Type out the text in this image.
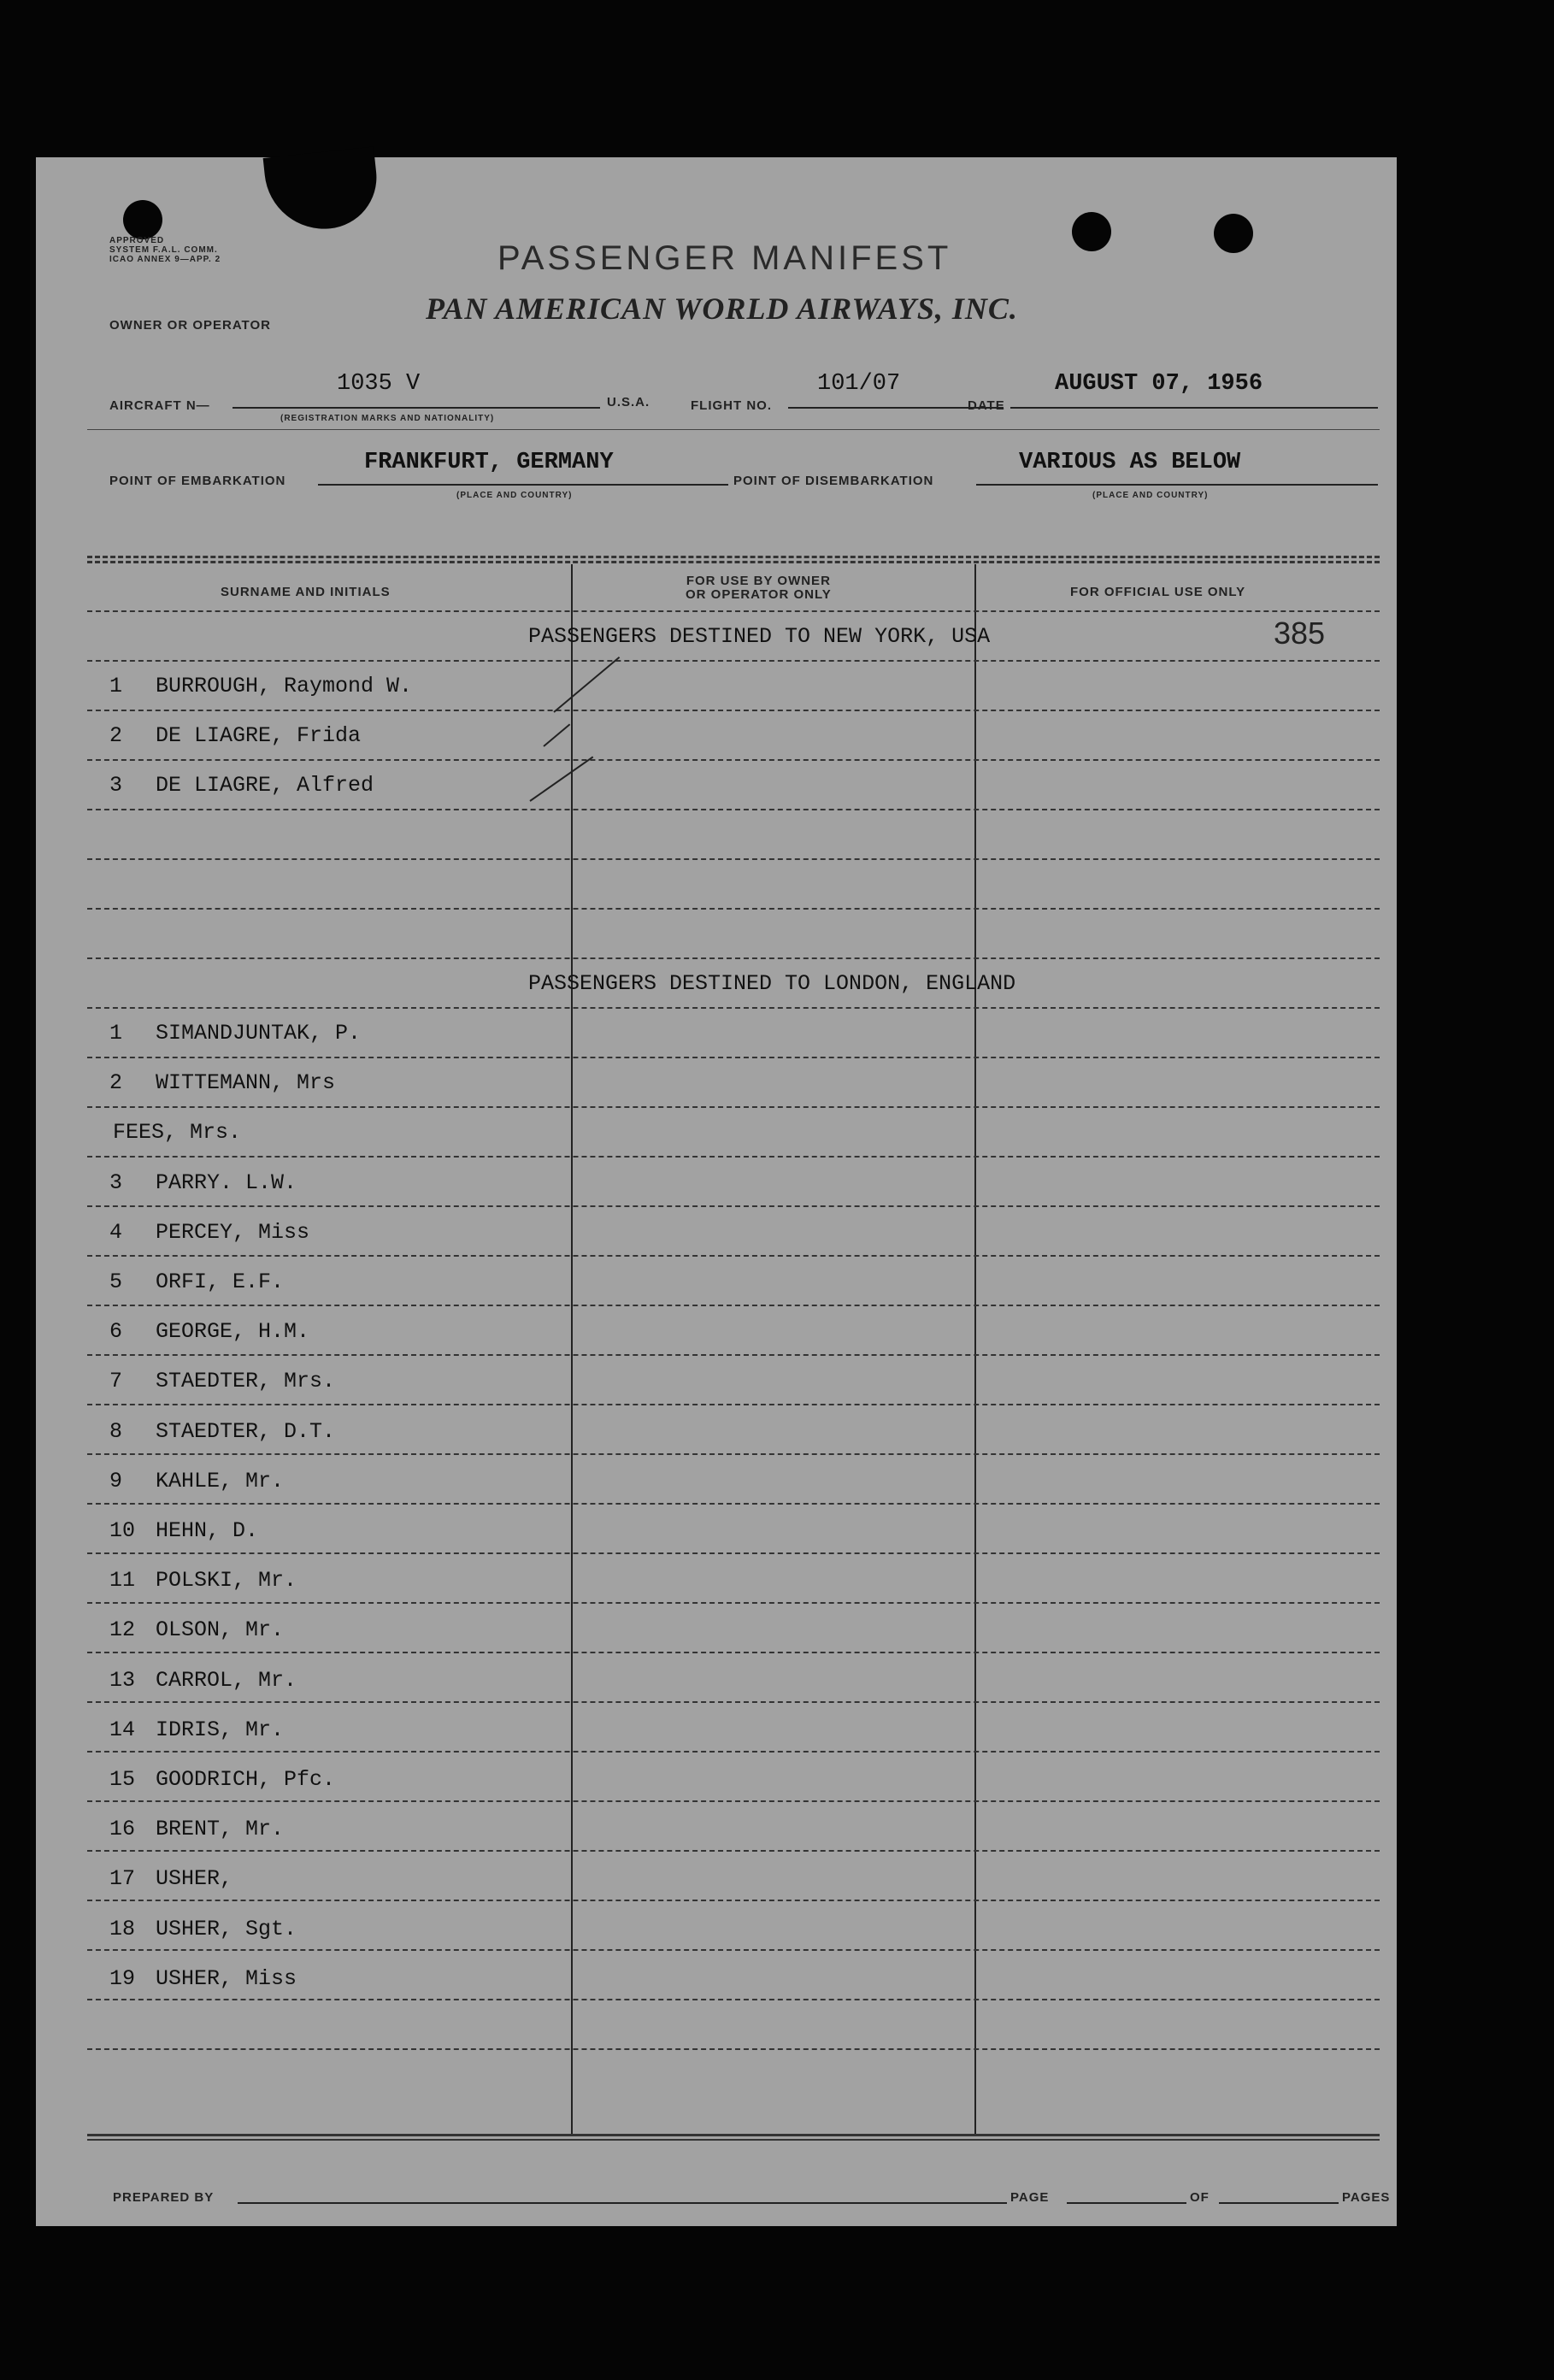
APPROVED
SYSTEM F.A.L. COMM.
ICAO ANNEX 9—APP. 2	PASSENGER MANIFEST
OWNER OR OPERATOR	PAN AMERICAN WORLD AIRWAYS, INC.
AIRCRAFT N—
1035 V
(REGISTRATION MARKS AND NATIONALITY)
U.S.A.	FLIGHT NO.
101/07
DATE
AUGUST 07, 1956
POINT OF EMBARKATION
FRANKFURT, GERMANY
(PLACE AND COUNTRY)
POINT OF DISEMBARKATION
VARIOUS AS BELOW
(PLACE AND COUNTRY)
SURNAME AND INITIALS
FOR USE BY OWNER
OR OPERATOR ONLY	FOR OFFICIAL USE ONLY
385
PASSENGERS DESTINED TO NEW YORK, USA
1 BURROUGH, Raymond W.
2 DE LIAGRE, Frida
3 DE LIAGRE, Alfred
PASSENGERS DESTINED TO LONDON, ENGLAND
1 SIMANDJUNTAK, P.
2 WITTEMANN, Mrs
FEES, Mrs.
3 PARRY. L.W.
4 PERCEY, Miss
5 ORFI, E.F.
6 GEORGE, H.M.
7 STAEDTER, Mrs.
8 STAEDTER, D.T.
9 KAHLE, Mr.
10 HEHN, D.
11 POLSKI, Mr.
12 OLSON, Mr.
13 CARROL, Mr.
14 IDRIS, Mr.
15 GOODRICH, Pfc.
16 BRENT, Mr.
17 USHER,
18 USHER, Sgt.
19 USHER, Miss
PREPARED BY	PAGE	OF	PAGES
